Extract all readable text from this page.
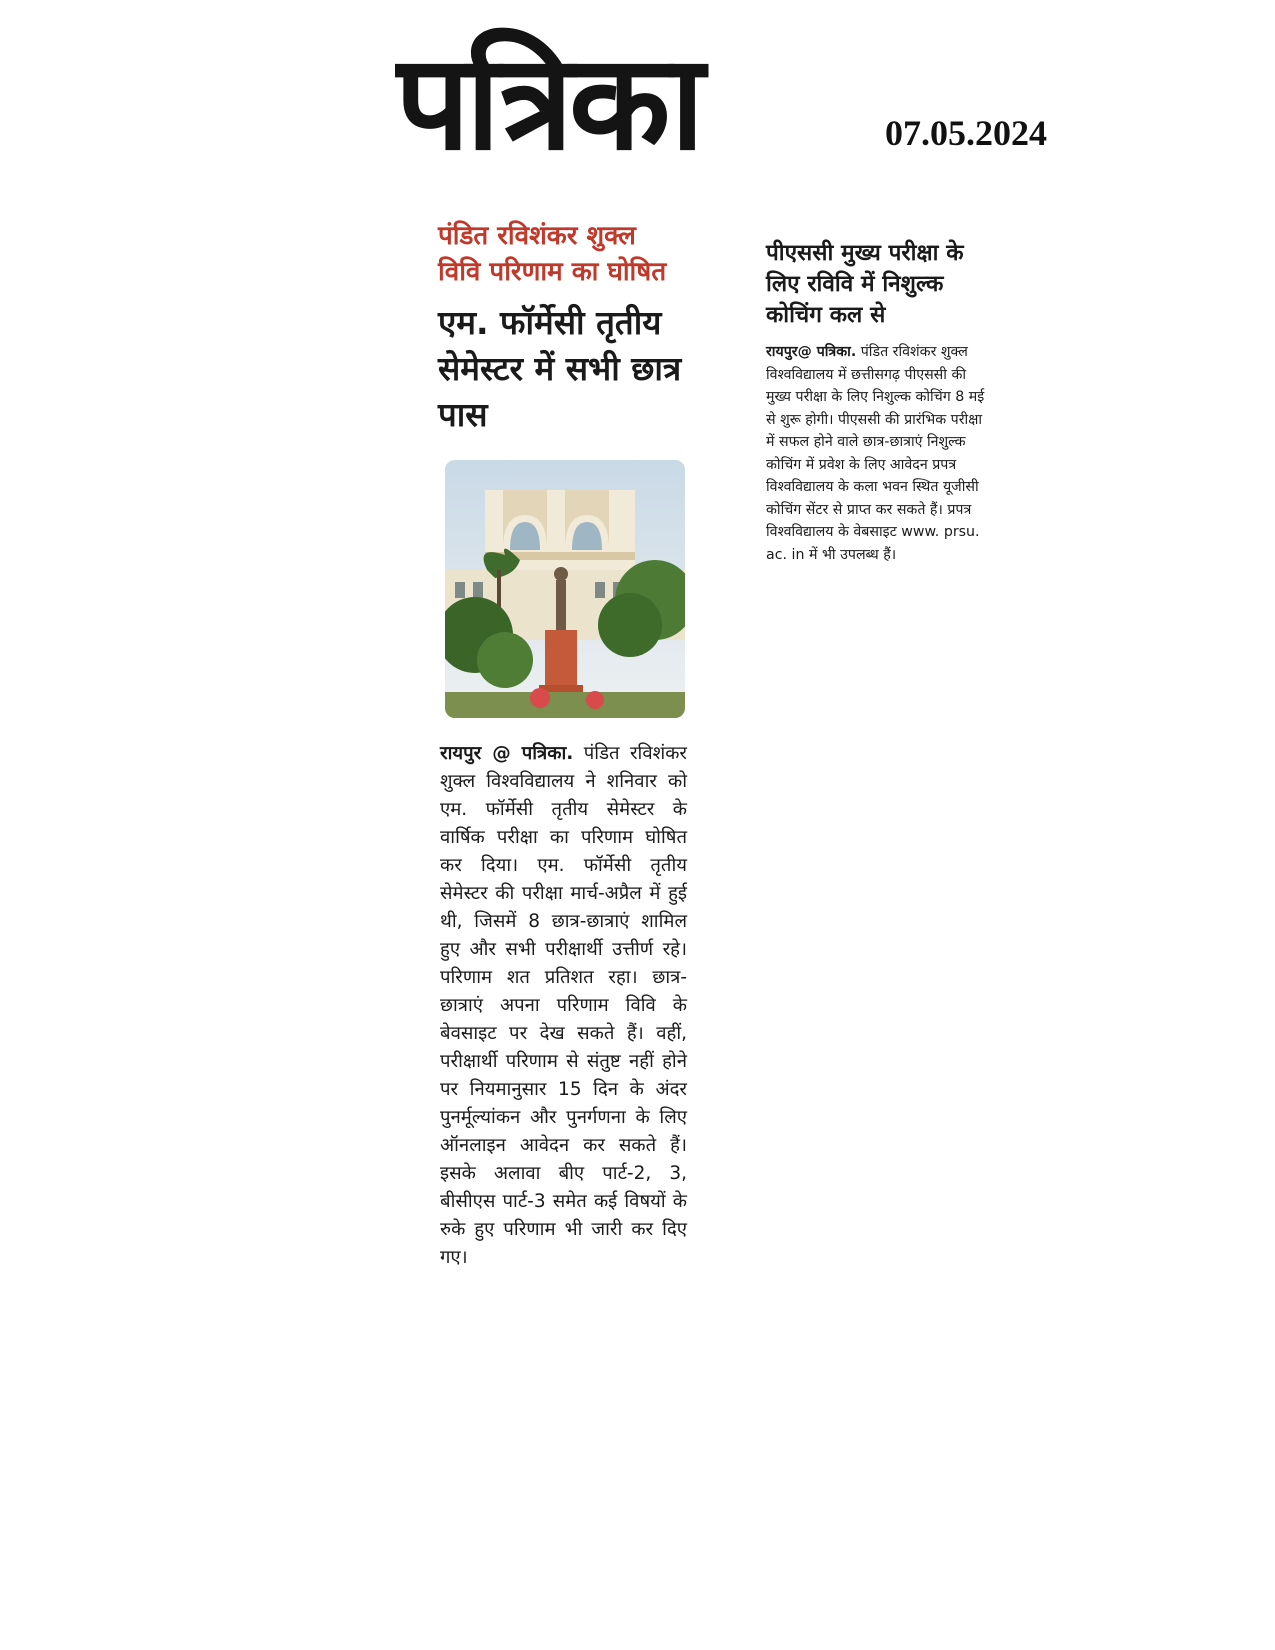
पत्रिका	07.05.2024

पंडित रविशंकर शुक्ल
विवि परिणाम का घोषित

एम. फॉर्मेसी तृतीय सेमेस्टर में सभी छात्र पास

रायपुर @ पत्रिका. पंडित रविशंकर शुक्ल विश्वविद्यालय ने शनिवार को एम. फॉर्मेसी तृतीय सेमेस्टर के वार्षिक परीक्षा का परिणाम घोषित कर दिया। एम. फॉर्मेसी तृतीय सेमेस्टर की परीक्षा मार्च-अप्रैल में हुई थी, जिसमें 8 छात्र-छात्राएं शामिल हुए और सभी परीक्षार्थी उत्तीर्ण रहे। परिणाम शत प्रतिशत रहा। छात्र-छात्राएं अपना परिणाम विवि के बेवसाइट पर देख सकते हैं। वहीं, परीक्षार्थी परिणाम से संतुष्ट नहीं होने पर नियमानुसार 15 दिन के अंदर पुनर्मूल्यांकन और पुनर्गणना के लिए ऑनलाइन आवेदन कर सकते हैं।इसके अलावा बीए पार्ट-2, 3, बीसीएस पार्ट-3 समेत कई विषयों के रुके हुए परिणाम भी जारी कर दिए गए।

पीएससी मुख्य परीक्षा के लिए रविवि में निशुल्क कोचिंग कल से

रायपुर@ पत्रिका. पंडित रविशंकर शुक्ल विश्वविद्यालय में छत्तीसगढ़ पीएससी की मुख्य परीक्षा के लिए निशुल्क कोचिंग 8 मई से शुरू होगी। पीएससी की प्रारंभिक परीक्षा में सफल होने वाले छात्र-छात्राएं निशुल्क कोचिंग में प्रवेश के लिए आवेदन प्रपत्र विश्वविद्यालय के कला भवन स्थित यूजीसी कोचिंग सेंटर से प्राप्त कर सकते हैं। प्रपत्र विश्वविद्यालय के वेबसाइट www. prsu. ac. in में भी उपलब्ध हैं।
